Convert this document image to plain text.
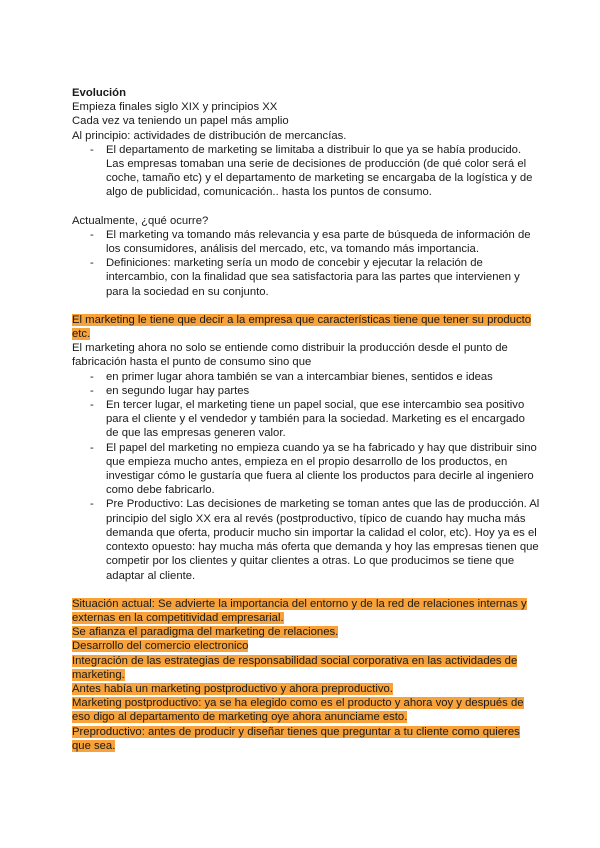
Evolución

Empieza finales siglo XIX y principios XX

Cada vez va teniendo un papel más amplio

Al principio: actividades de distribución de mercancías.

- El departamento de marketing se limitaba a distribuir lo que ya se había producido. Las empresas tomaban una serie de decisiones de producción (de qué color será el coche, tamaño etc) y el departamento de marketing se encargaba de la logística y de algo de publicidad, comunicación.. hasta los puntos de consumo.

Actualmente, ¿qué ocurre?

- El marketing va tomando más relevancia y esa parte de búsqueda de información de los consumidores, análisis del mercado, etc, va tomando más importancia.
- Definiciones: marketing sería un modo de concebir y ejecutar la relación de intercambio, con la finalidad que sea satisfactoria para las partes que intervienen y para la sociedad en su conjunto.

El marketing le tiene que decir a la empresa que características tiene que tener su producto etc.

El marketing ahora no solo se entiende como distribuir la producción desde el punto de fabricación hasta el punto de consumo sino que

- en primer lugar ahora también se van a intercambiar bienes, sentidos e ideas
- en segundo lugar hay partes
- En tercer lugar, el marketing tiene un papel social, que ese intercambio sea positivo para el cliente y el vendedor y también para la sociedad. Marketing es el encargado de que las empresas generen valor.
- El papel del marketing no empieza cuando ya se ha fabricado y hay que distribuir sino que empieza mucho antes, empieza en el propio desarrollo de los productos, en investigar cómo le gustaría que fuera al cliente los productos para decirle al ingeniero como debe fabricarlo.
- Pre Productivo: Las decisiones de marketing se toman antes que las de producción. Al principio del siglo XX era al revés (postproductivo, típico de cuando hay mucha más demanda que oferta, producir mucho sin importar la calidad el color, etc). Hoy ya es el contexto opuesto: hay mucha más oferta que demanda y hoy las empresas tienen que competir por los clientes y quitar clientes a otras. Lo que producimos se tiene que adaptar al cliente.

Situación actual: Se advierte la importancia del entorno y de la red de relaciones internas y externas en la competitividad empresarial.

Se afianza el paradigma del marketing de relaciones.

Desarrollo del comercio electronico

Integración de las estrategias de responsabilidad social corporativa en las actividades de marketing.

Antes había un marketing postproductivo y ahora preproductivo.

Marketing postproductivo: ya se ha elegido como es el producto y ahora voy y después de eso digo al departamento de marketing oye ahora anunciame esto.

Preproductivo: antes de producir y diseñar tienes que preguntar a tu cliente como quieres que sea.
